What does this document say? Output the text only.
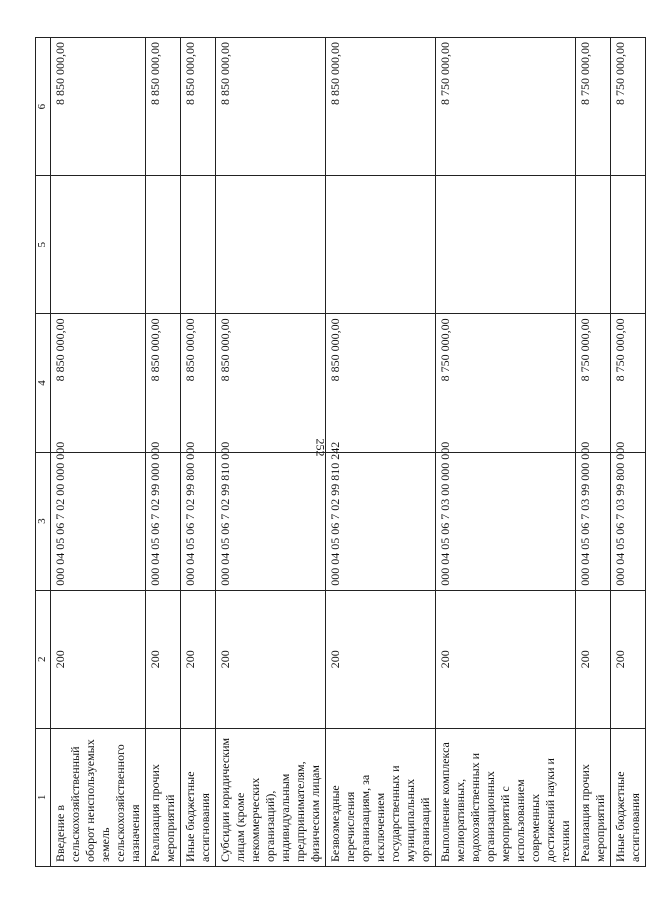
252
1	2	3	4	5	6
Введение в сельскохозяйственный оборот неиспользуемых земель сельскохозяйственного назначения	200	000 04 05 06 7 02 00 000 000	8 850 000,00		8 850 000,00
Реализация прочих мероприятий	200	000 04 05 06 7 02 99 000 000	8 850 000,00		8 850 000,00
Иные бюджетные ассигнования	200	000 04 05 06 7 02 99 800 000	8 850 000,00		8 850 000,00
Субсидии юридическим лицам (кроме некоммерческих организаций), индивидуальным предпринимателям, физическим лицам	200	000 04 05 06 7 02 99 810 000	8 850 000,00		8 850 000,00
Безвозмездные перечисления организациям, за исключением государственных и муниципальных организаций	200	000 04 05 06 7 02 99 810 242	8 850 000,00		8 850 000,00
Выполнение комплекса мелиоративных, водохозяйственных и организационных мероприятий с использованием современных достижений науки и техники	200	000 04 05 06 7 03 00 000 000	8 750 000,00		8 750 000,00
Реализация прочих мероприятий	200	000 04 05 06 7 03 99 000 000	8 750 000,00		8 750 000,00
Иные бюджетные ассигнования	200	000 04 05 06 7 03 99 800 000	8 750 000,00		8 750 000,00
